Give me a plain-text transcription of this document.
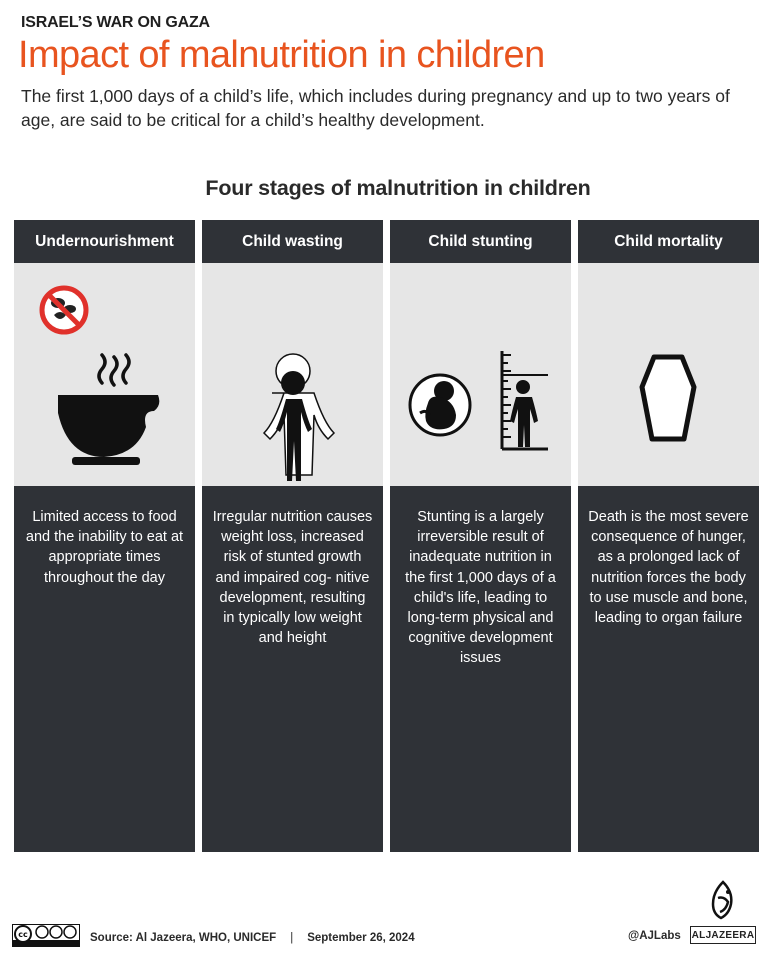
ISRAEL’S WAR ON GAZA
Impact of malnutrition in children
The first 1,000 days of a child’s life, which includes during pregnancy and up to two years of age, are said to be critical for a child’s healthy development.
Four stages of malnutrition in children
Undernourishment
Limited access to food and the inability to eat at appropriate times throughout the day
Child wasting
Irregular nutrition causes weight loss, increased risk of stunted growth and impaired cog- nitive development, resulting in typically low weight and height
Child stunting
Stunting is a largely irreversible result of inadequate nutrition in the first 1,000 days of a child's life, leading to long-term physical and cognitive development issues
Child mortality
Death is the most severe consequence of hunger, as a prolonged lack of nutrition forces the body to use muscle and bone, leading to organ failure
cc	Source: Al Jazeera, WHO, UNICEF | September 26, 2024	@AJLabs ALJAZEERA
